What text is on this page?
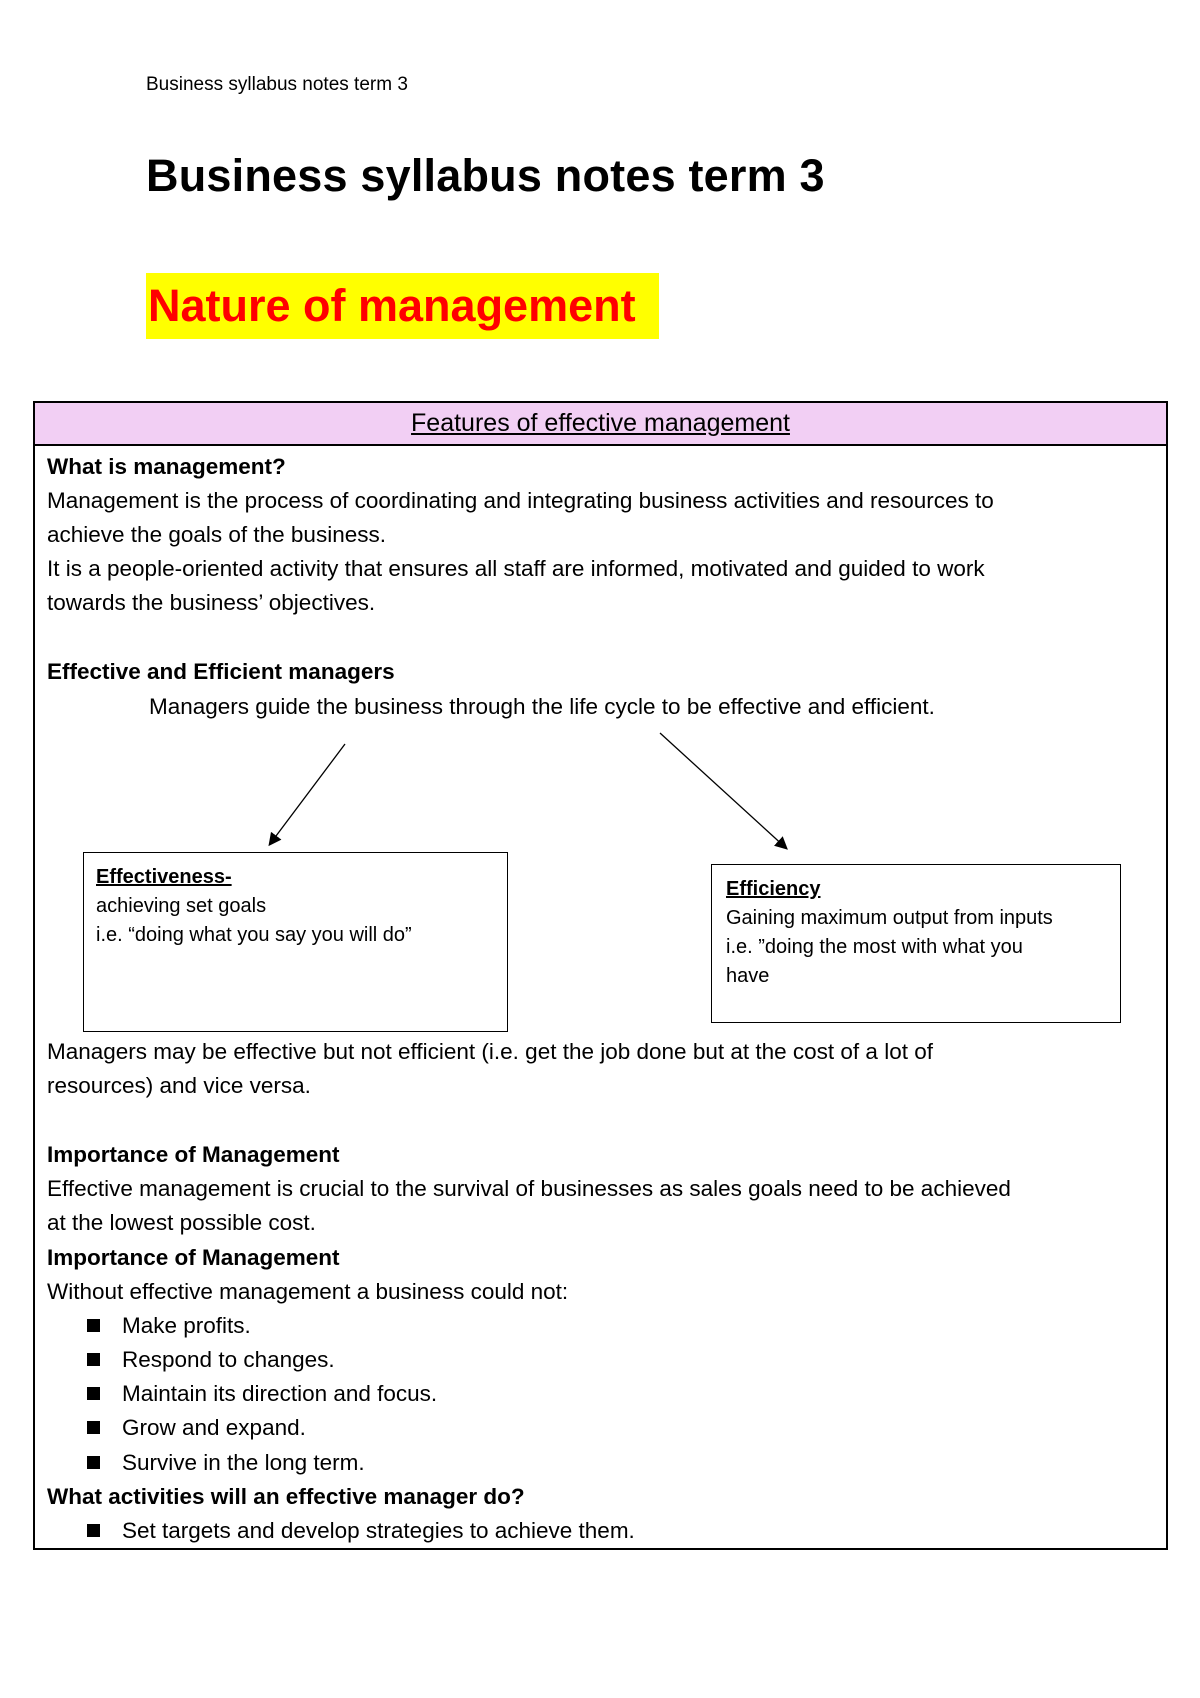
Business syllabus notes term 3
Business syllabus notes term 3
Nature of management
Features of effective management
What is management?
Management is the process of coordinating and integrating business activities and resources to
achieve the goals of the business.
It is a people-oriented activity that ensures all staff are informed, motivated and guided to work
towards the business’ objectives.
Effective and Efficient managers
Managers guide the business through the life cycle to be effective and efficient.
Effectiveness-
achieving set goals
i.e. “doing what you say you will do”
Efficiency
Gaining maximum output from inputs
i.e. ”doing the most with what you
have
Managers may be effective but not efficient (i.e. get the job done but at the cost of a lot of
resources) and vice versa.
Importance of Management
Effective management is crucial to the survival of businesses as sales goals need to be achieved
at the lowest possible cost.
Importance of Management
Without effective management a business could not:
Make profits.
Respond to changes.
Maintain its direction and focus.
Grow and expand.
Survive in the long term.
What activities will an effective manager do?
Set targets and develop strategies to achieve them.
